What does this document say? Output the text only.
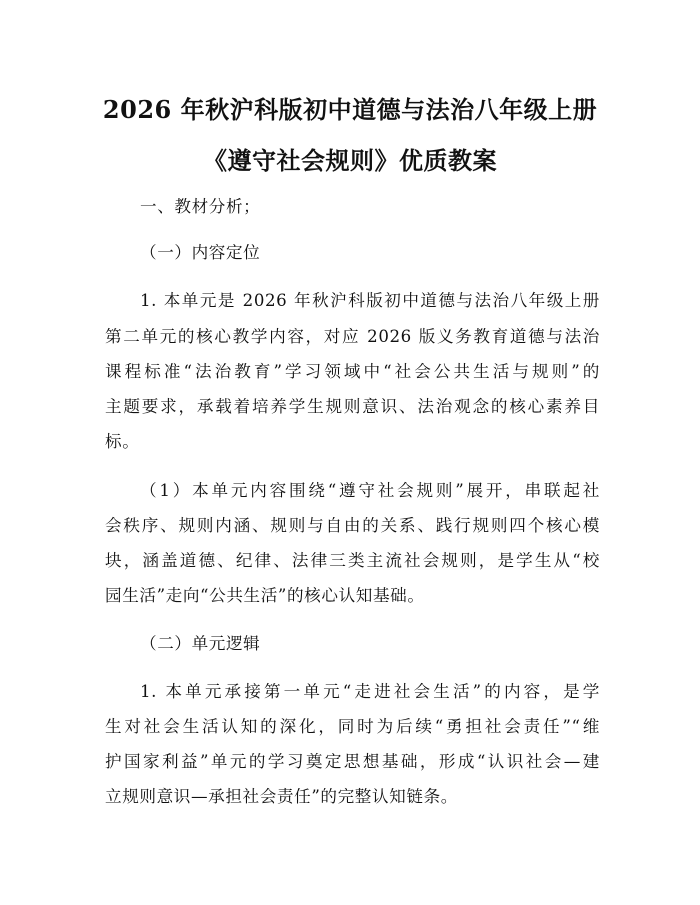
2026 年秋沪科版初中道德与法治八年级上册
《遵守社会规则》优质教案
一、教材分析；
（一）内容定位
1. 本单元是 2026 年秋沪科版初中道德与法治八年级上册
第二单元的核心教学内容，对应 2026 版义务教育道德与法治
课程标准“法治教育”学习领域中“社会公共生活与规则”的
主题要求，承载着培养学生规则意识、法治观念的核心素养目
标。
（1）本单元内容围绕“遵守社会规则”展开，串联起社
会秩序、规则内涵、规则与自由的关系、践行规则四个核心模
块，涵盖道德、纪律、法律三类主流社会规则，是学生从“校
园生活”走向“公共生活”的核心认知基础。
（二）单元逻辑
1. 本单元承接第一单元“走进社会生活”的内容，是学
生对社会生活认知的深化，同时为后续“勇担社会责任”“维
护国家利益”单元的学习奠定思想基础，形成“认识社会—建
立规则意识—承担社会责任”的完整认知链条。
